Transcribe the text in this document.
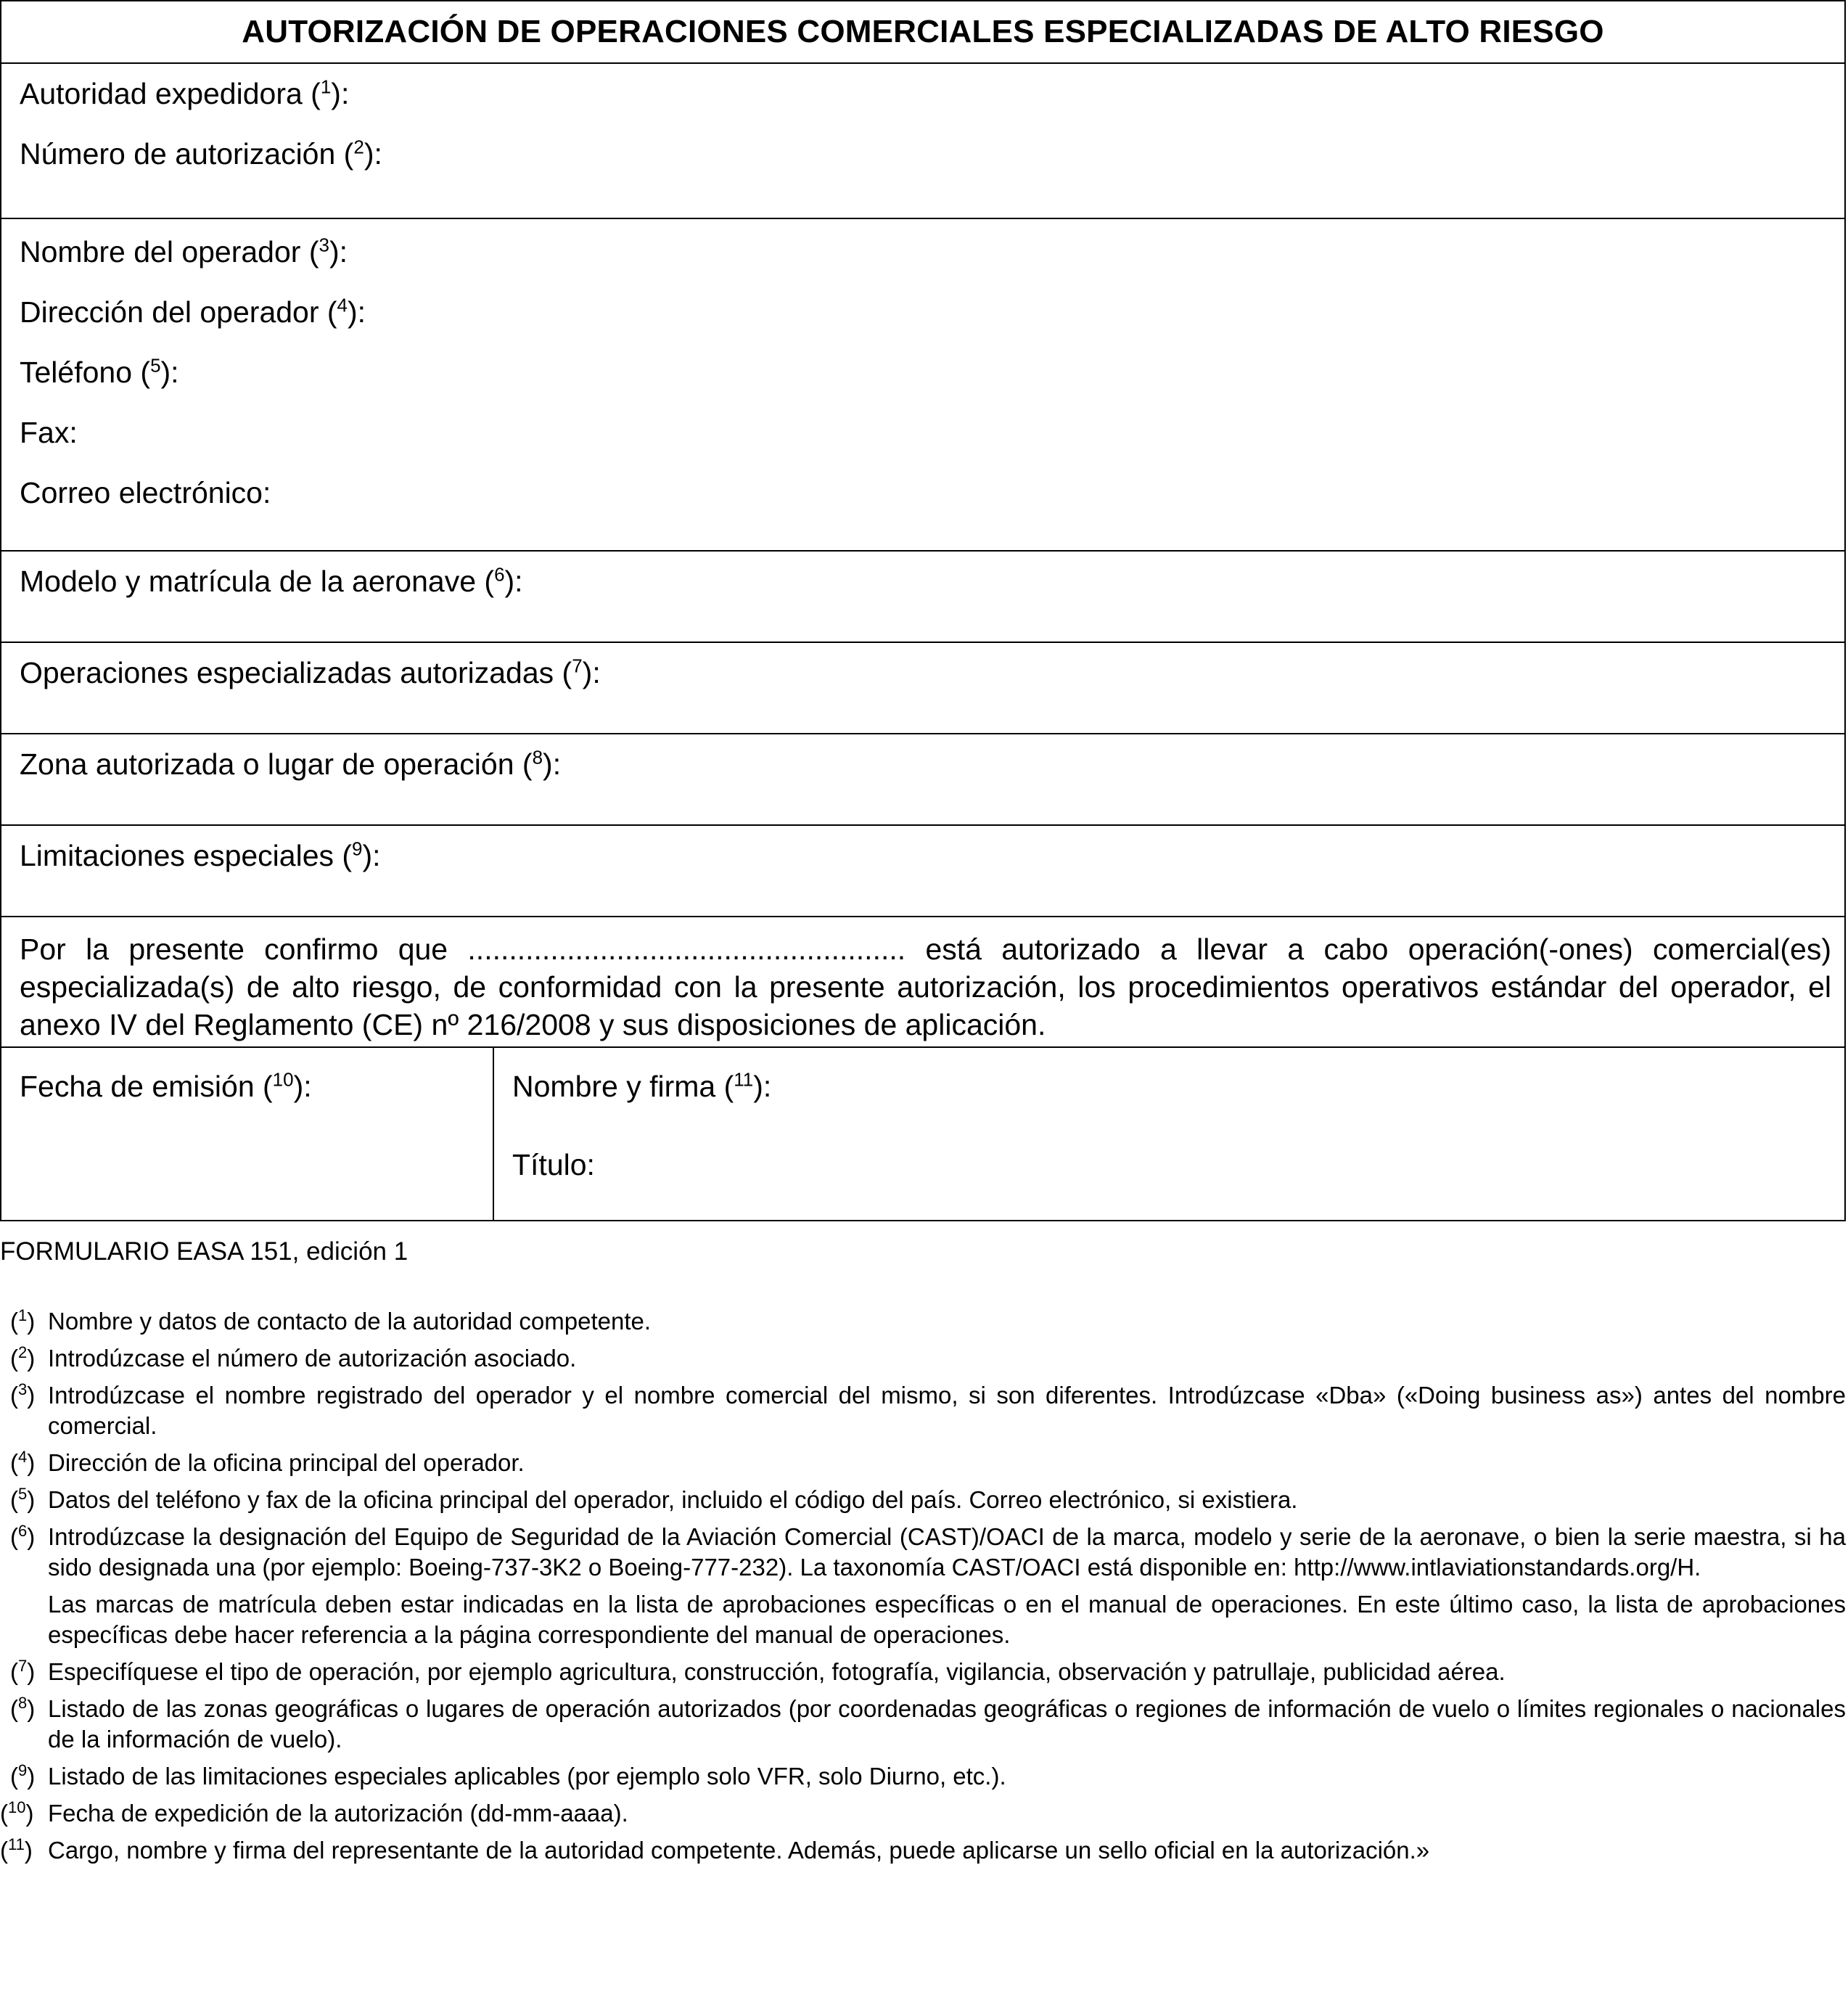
AUTORIZACIÓN DE OPERACIONES COMERCIALES ESPECIALIZADAS DE ALTO RIESGO
Autoridad expedidora ($^1$):
Número de autorización ($^2$):
Nombre del operador ($^3$):
Dirección del operador ($^4$):
Teléfono ($^5$):
Fax:
Correo electrónico:
Modelo y matrícula de la aeronave ($^6$):
Operaciones especializadas autorizadas ($^7$):
Zona autorizada o lugar de operación ($^8$):
Limitaciones especiales ($^9$):
Por la presente confirmo que ..................................................... está autorizado a llevar a cabo operación(-ones) comercial(es) especializada(s) de alto riesgo, de conformidad con la presente autorización, los procedimientos operativos estándar del operador, el anexo IV del Reglamento (CE) nº 216/2008 y sus disposiciones de aplicación.
Fecha de emisión ($^{10}$):	Nombre y firma ($^{11}$):
Título:
FORMULARIO EASA 151, edición 1
($^1$) Nombre y datos de contacto de la autoridad competente.
($^2$) Introdúzcase el número de autorización asociado.
($^3$) Introdúzcase el nombre registrado del operador y el nombre comercial del mismo, si son diferentes. Introdúzcase «Dba» («Doing business as») antes del nombre comercial.
($^4$) Dirección de la oficina principal del operador.
($^5$) Datos del teléfono y fax de la oficina principal del operador, incluido el código del país. Correo electrónico, si existiera.
($^6$) Introdúzcase la designación del Equipo de Seguridad de la Aviación Comercial (CAST)/OACI de la marca, modelo y serie de la aeronave, o bien la serie maestra, si ha sido designada una (por ejemplo: Boeing-737-3K2 o Boeing-777-232). La taxonomía CAST/OACI está disponible en: http://www.intlaviationstandards.org/H.
Las marcas de matrícula deben estar indicadas en la lista de aprobaciones específicas o en el manual de operaciones. En este último caso, la lista de aprobaciones específicas debe hacer referencia a la página correspondiente del manual de operaciones.
($^7$) Especifíquese el tipo de operación, por ejemplo agricultura, construcción, fotografía, vigilancia, observación y patrullaje, publicidad aérea.
($^8$) Listado de las zonas geográficas o lugares de operación autorizados (por coordenadas geográficas o regiones de información de vuelo o límites regionales o nacionales de la información de vuelo).
($^9$) Listado de las limitaciones especiales aplicables (por ejemplo solo VFR, solo Diurno, etc.).
($^{10}$) Fecha de expedición de la autorización (dd-mm-aaaa).
($^{11}$) Cargo, nombre y firma del representante de la autoridad competente. Además, puede aplicarse un sello oficial en la autorización.»
